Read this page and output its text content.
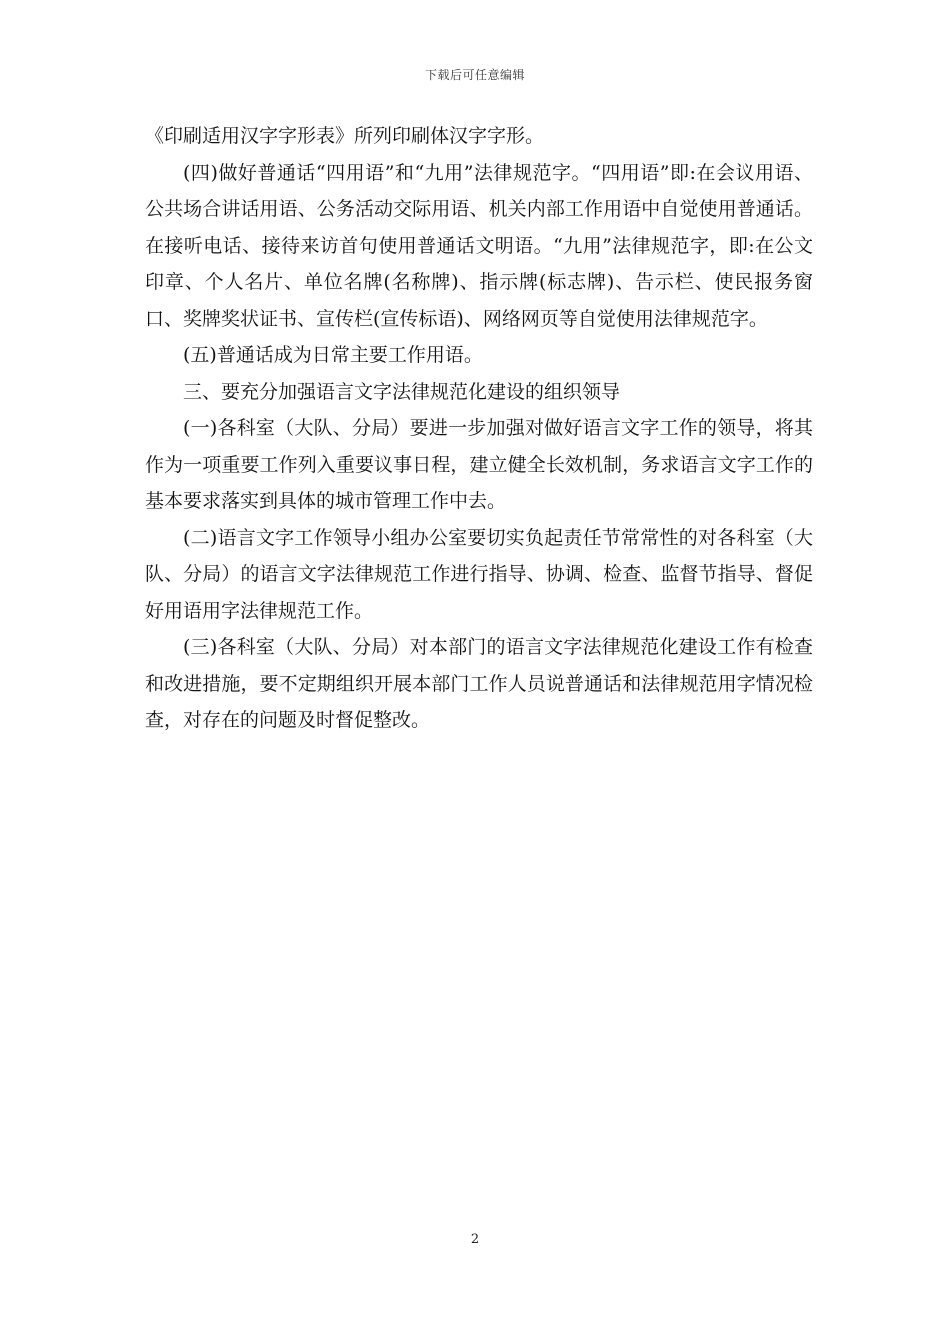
下载后可任意编辑

《印刷适用汉字字形表》所列印刷体汉字字形。

(四)做好普通话“四用语”和“九用”法律规范字。“四用语”即:在会议用语、公共场合讲话用语、公务活动交际用语、机关内部工作用语中自觉使用普通话。在接听电话、接待来访首句使用普通话文明语。“九用”法律规范字，即:在公文印章、个人名片、单位名牌(名称牌)、指示牌(标志牌)、告示栏、使民报务窗口、奖牌奖状证书、宣传栏(宣传标语)、网络网页等自觉使用法律规范字。

(五)普通话成为日常主要工作用语。

三、要充分加强语言文字法律规范化建设的组织领导

(一)各科室（大队、分局）要进一步加强对做好语言文字工作的领导，将其作为一项重要工作列入重要议事日程，建立健全长效机制，务求语言文字工作的基本要求落实到具体的城市管理工作中去。

(二)语言文字工作领导小组办公室要切实负起责任节常常性的对各科室（大队、分局）的语言文字法律规范工作进行指导、协调、检查、监督节指导、督促好用语用字法律规范工作。

(三)各科室（大队、分局）对本部门的语言文字法律规范化建设工作有检查和改进措施，要不定期组织开展本部门工作人员说普通话和法律规范用字情况检查，对存在的问题及时督促整改。

2
